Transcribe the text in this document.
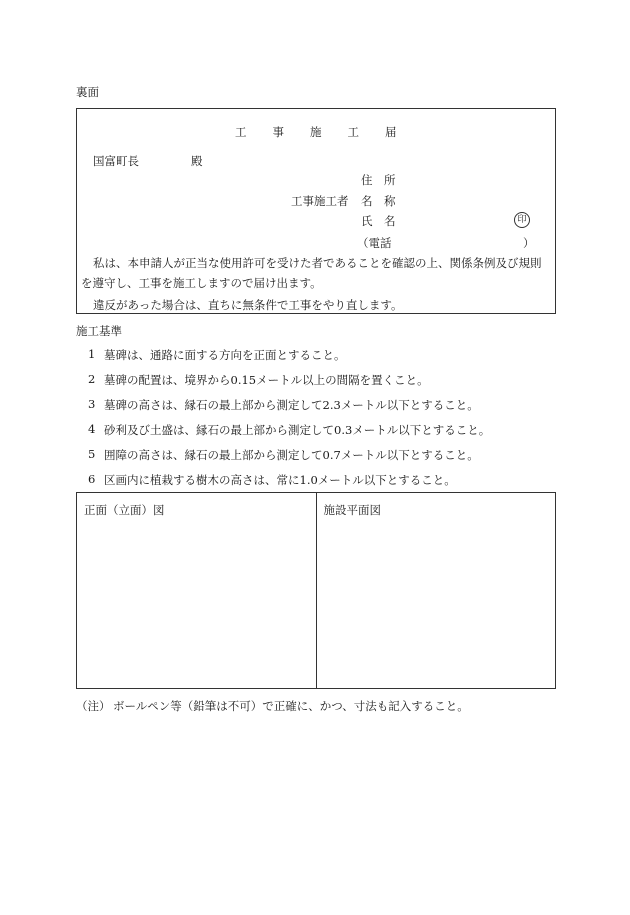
裏面
工 事 施 工 届
国富町長	殿
住　所
工事施工者 名　称
氏　名	印
（電話	）
私は、本申請人が正当な使用許可を受けた者であることを確認の上、関係条例及び規則を遵守し、工事を施工しますので届け出ます。
違反があった場合は、直ちに無条件で工事をやり直します。
施工基準
1 墓碑は、通路に面する方向を正面とすること。
2 墓碑の配置は、境界から0.15メートル以上の間隔を置くこと。
3 墓碑の高さは、縁石の最上部から測定して2.3メートル以下とすること。
4 砂利及び土盛は、縁石の最上部から測定して0.3メートル以下とすること。
5 囲障の高さは、縁石の最上部から測定して0.7メートル以下とすること。
6 区画内に植栽する樹木の高さは、常に1.0メートル以下とすること。
正面（立面）図	施設平面図
（注） ボールペン等（鉛筆は不可）で正確に、かつ、寸法も記入すること。
